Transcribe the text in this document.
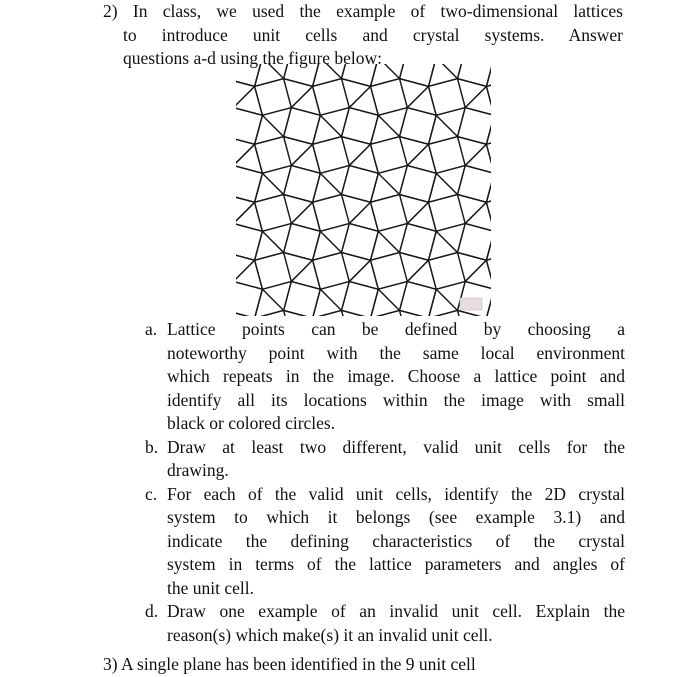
2) In class, we used the example of two-dimensional lattices
to introduce unit cells and crystal systems. Answer
questions a-d using the figure below:
a. Lattice points can be defined by choosing a
noteworthy point with the same local environment
which repeats in the image. Choose a lattice point and
identify all its locations within the image with small
black or colored circles.
b. Draw at least two different, valid unit cells for the
drawing.
c. For each of the valid unit cells, identify the 2D crystal
system to which it belongs (see example 3.1) and
indicate the defining characteristics of the crystal
system in terms of the lattice parameters and angles of
the unit cell.
d. Draw one example of an invalid unit cell. Explain the
reason(s) which make(s) it an invalid unit cell.
3) A single plane has been identified in the 9 unit cell
